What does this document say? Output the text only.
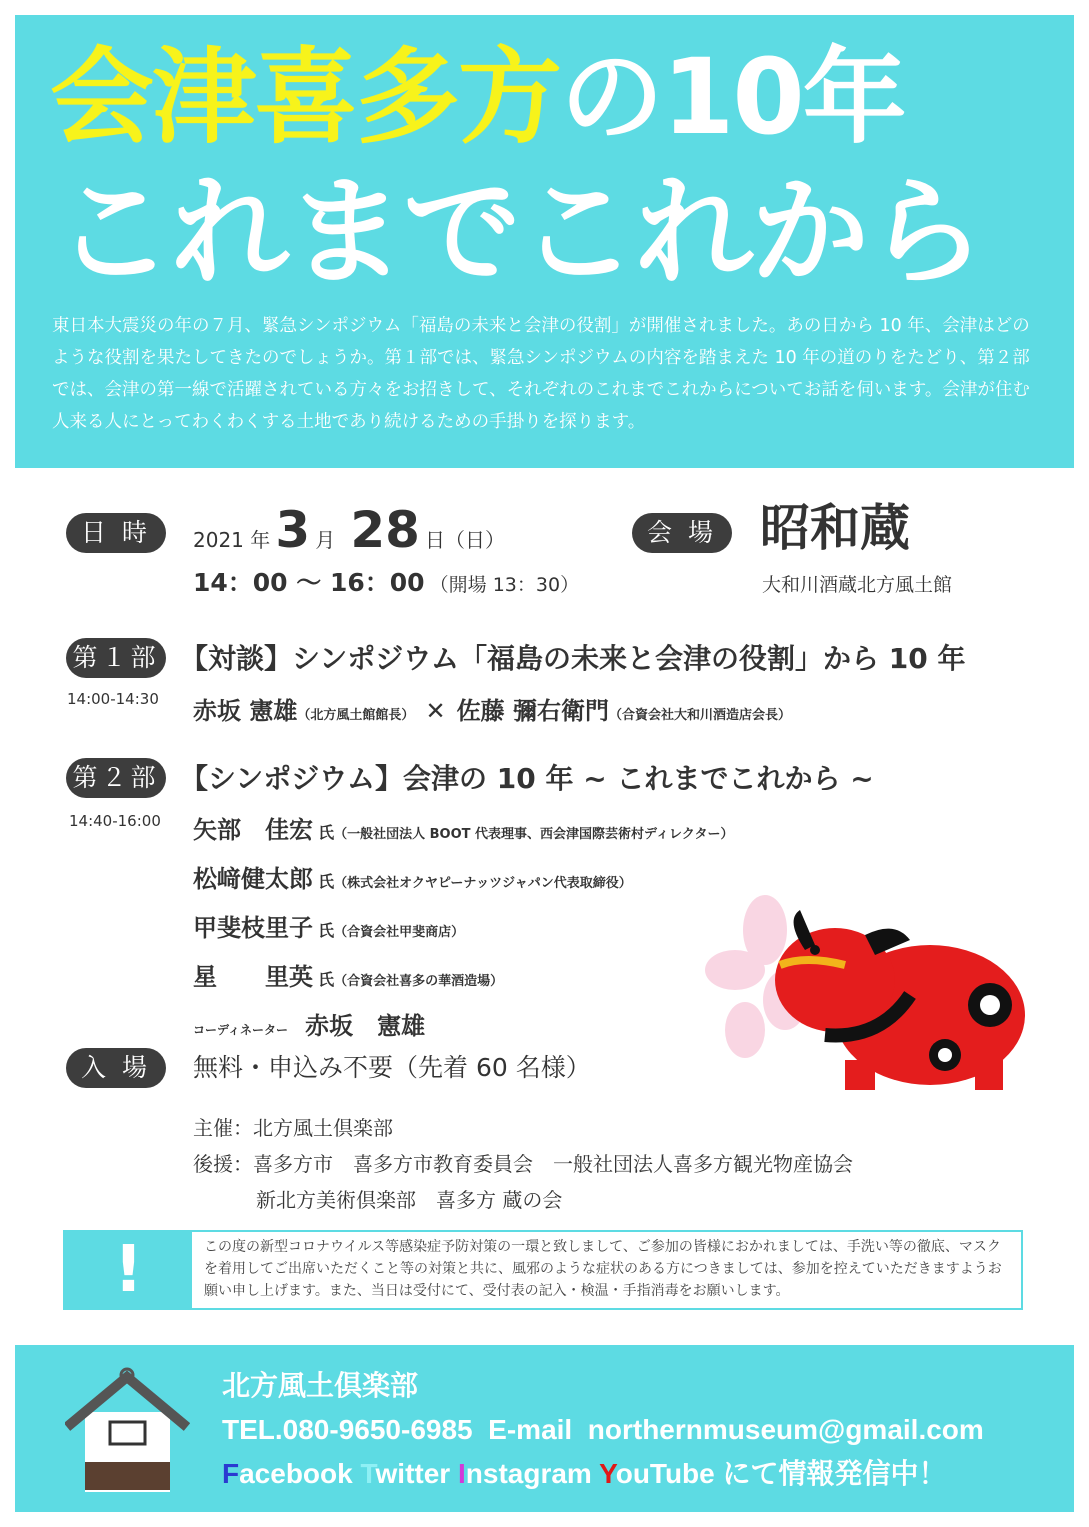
会津喜多方の10年
これまでこれから
東日本大震災の年の７月、緊急シンポジウム「福島の未来と会津の役割」が開催されました。あの日から 10 年、会津はどのような役割を果たしてきたのでしょうか。第１部では、緊急シンポジウムの内容を踏まえた 10 年の道のりをたどり、第２部では、会津の第一線で活躍されている方々をお招きして、それぞれのこれまでこれからについてお話を伺います。会津が住む人来る人にとってわくわくする土地であり続けるための手掛りを探ります。
日 時	2021 年 3 月 28 日（日）
14：00 ～ 16：00 （開場 13：30）
会 場 昭和蔵
大和川酒蔵北方風土館
第１部
14:00-14:30
【対談】シンポジウム「福島の未来と会津の役割」から 10 年
赤坂 憲雄（北方風土館館長） ✕ 佐藤 彌右衛門（合資会社大和川酒造店会長）
第２部
14:40-16:00
【シンポジウム】会津の 10 年 ~ これまでこれから ~
矢部　佳宏 氏（一般社団法人 BOOT 代表理事、西会津国際芸術村ディレクター）
松﨑健太郎 氏（株式会社オクヤピーナッツジャパン代表取締役）
甲斐枝里子 氏（合資会社甲斐商店）
星　　里英 氏（合資会社喜多の華酒造場）
コーディネーター 赤坂　憲雄
入 場	無料・申込み不要（先着 60 名様）
主催：北方風土倶楽部
後援：喜多方市　喜多方市教育委員会　一般社団法人喜多方観光物産協会
新北方美術倶楽部　喜多方 蔵の会
!	この度の新型コロナウイルス等感染症予防対策の一環と致しまして、ご参加の皆様におかれましては、手洗い等の徹底、マスクを着用してご出席いただくこと等の対策と共に、風邪のような症状のある方につきましては、参加を控えていただきますようお願い申し上げます。また、当日は受付にて、受付表の記入・検温・手指消毒をお願いします。
北方風土倶楽部
TEL.080-9650-6985 E-mail northernmuseum@gmail.com
Facebook Twitter Instagram YouTube にて情報発信中！
